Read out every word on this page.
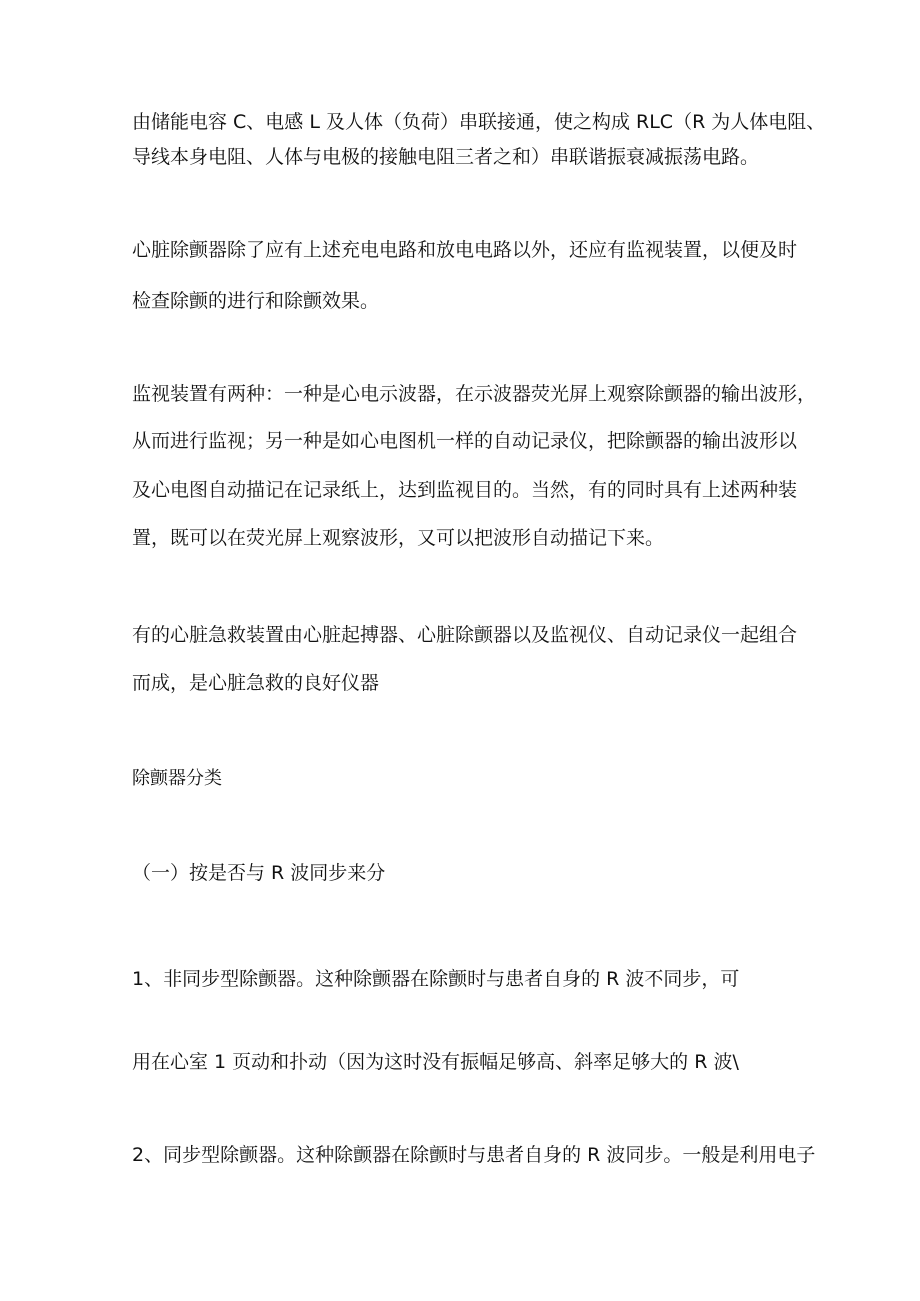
由储能电容 C、电感 L 及人体（负荷）串联接通，使之构成 RLC（R 为人体电阻、
导线本身电阻、人体与电极的接触电阻三者之和）串联谐振衰减振荡电路。
心脏除颤器除了应有上述充电电路和放电电路以外，还应有监视装置，以便及时
检查除颤的进行和除颤效果。
监视装置有两种：一种是心电示波器，在示波器荧光屏上观察除颤器的输出波形，
从而进行监视；另一种是如心电图机一样的自动记录仪，把除颤器的输出波形以
及心电图自动描记在记录纸上，达到监视目的。当然，有的同时具有上述两种装
置，既可以在荧光屏上观察波形，又可以把波形自动描记下来。
有的心脏急救装置由心脏起搏器、心脏除颤器以及监视仪、自动记录仪一起组合
而成，是心脏急救的良好仪器
除颤器分类
（一）按是否与 R 波同步来分
1、非同步型除颤器。这种除颤器在除颤时与患者自身的 R 波不同步，可
用在心室 1 页动和扑动（因为这时没有振幅足够高、斜率足够大的 R 波\
2、同步型除颤器。这种除颤器在除颤时与患者自身的 R 波同步。一般是利用电子
